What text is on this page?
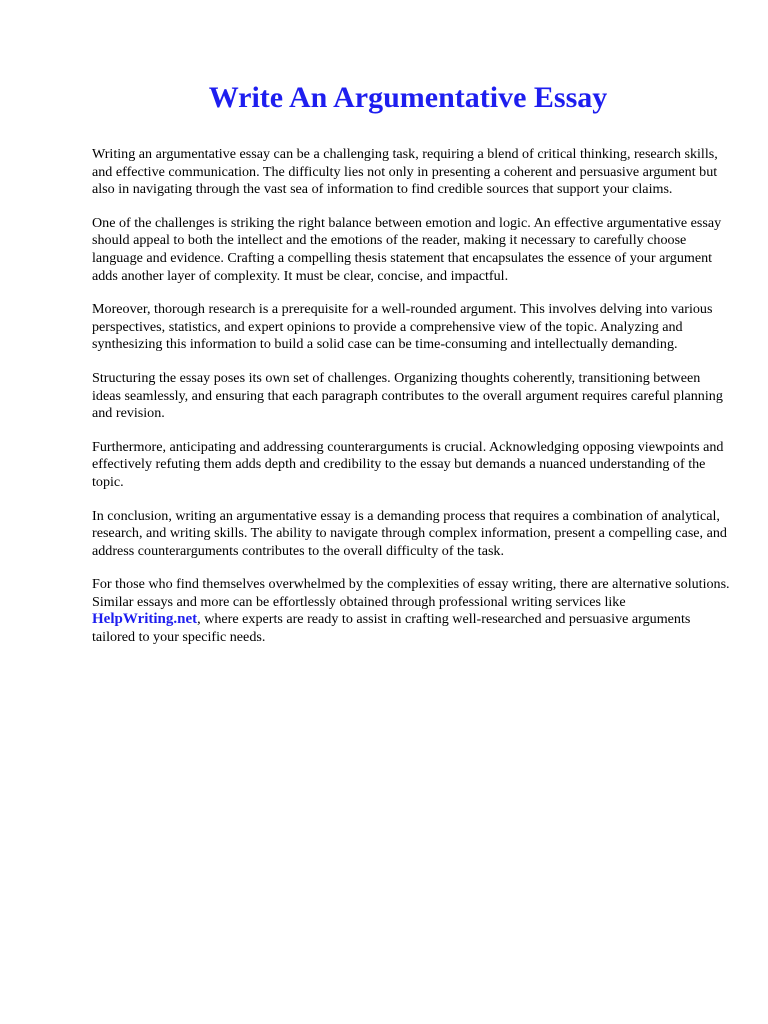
Write An Argumentative Essay

Writing an argumentative essay can be a challenging task, requiring a blend of critical thinking, research skills, and effective communication. The difficulty lies not only in presenting a coherent and persuasive argument but also in navigating through the vast sea of information to find credible sources that support your claims.

One of the challenges is striking the right balance between emotion and logic. An effective argumentative essay should appeal to both the intellect and the emotions of the reader, making it necessary to carefully choose language and evidence. Crafting a compelling thesis statement that encapsulates the essence of your argument adds another layer of complexity. It must be clear, concise, and impactful.

Moreover, thorough research is a prerequisite for a well-rounded argument. This involves delving into various perspectives, statistics, and expert opinions to provide a comprehensive view of the topic. Analyzing and synthesizing this information to build a solid case can be time-consuming and intellectually demanding.

Structuring the essay poses its own set of challenges. Organizing thoughts coherently, transitioning between ideas seamlessly, and ensuring that each paragraph contributes to the overall argument requires careful planning and revision.

Furthermore, anticipating and addressing counterarguments is crucial. Acknowledging opposing viewpoints and effectively refuting them adds depth and credibility to the essay but demands a nuanced understanding of the topic.

In conclusion, writing an argumentative essay is a demanding process that requires a combination of analytical, research, and writing skills. The ability to navigate through complex information, present a compelling case, and address counterarguments contributes to the overall difficulty of the task.

For those who find themselves overwhelmed by the complexities of essay writing, there are alternative solutions. Similar essays and more can be effortlessly obtained through professional writing services like HelpWriting.net, where experts are ready to assist in crafting well-researched and persuasive arguments tailored to your specific needs.
